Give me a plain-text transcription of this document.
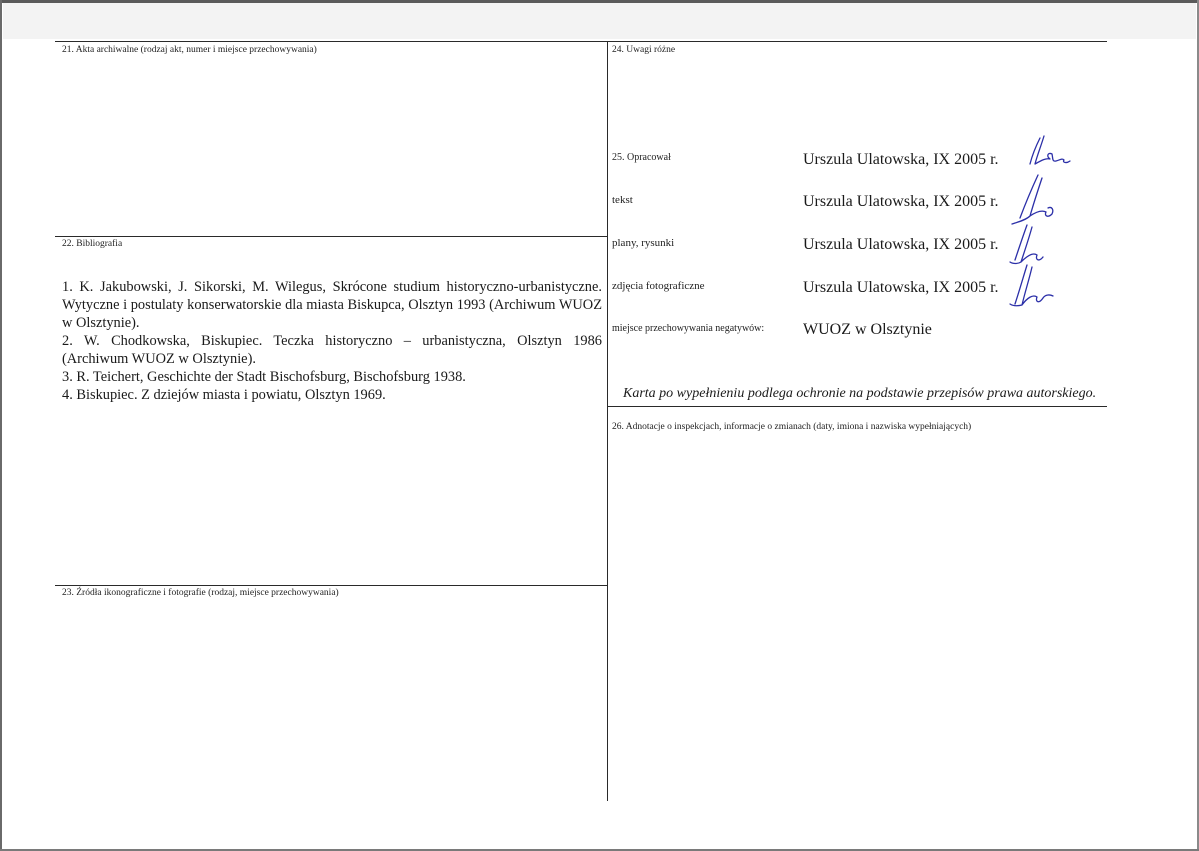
21. Akta archiwalne (rodzaj akt, numer i miejsce przechowywania)
22. Bibliografia
1. K. Jakubowski, J. Sikorski, M. Wilegus, Skrócone studium historyczno-urbanistyczne. Wytyczne i postulaty konserwatorskie dla miasta Biskupca, Olsztyn 1993 (Archiwum WUOZ w Olsztynie).
2. W. Chodkowska, Biskupiec. Teczka historyczno – urbanistyczna, Olsztyn 1986 (Archiwum WUOZ w Olsztynie).
3. R. Teichert, Geschichte der Stadt Bischofsburg, Bischofsburg 1938.
4. Biskupiec. Z dziejów miasta i powiatu, Olsztyn 1969.
23. Źródła ikonograficzne i fotografie (rodzaj, miejsce przechowywania)
24. Uwagi różne
25. Opracował	Urszula Ulatowska, IX 2005 r.
tekst	Urszula Ulatowska, IX 2005 r.
plany, rysunki	Urszula Ulatowska, IX 2005 r.
zdjęcia fotograficzne	Urszula Ulatowska, IX 2005 r.
miejsce przechowywania negatywów: WUOZ w Olsztynie
Karta po wypełnieniu podlega ochronie na podstawie przepisów prawa autorskiego.
26. Adnotacje o inspekcjach, informacje o zmianach (daty, imiona i nazwiska wypełniających)
